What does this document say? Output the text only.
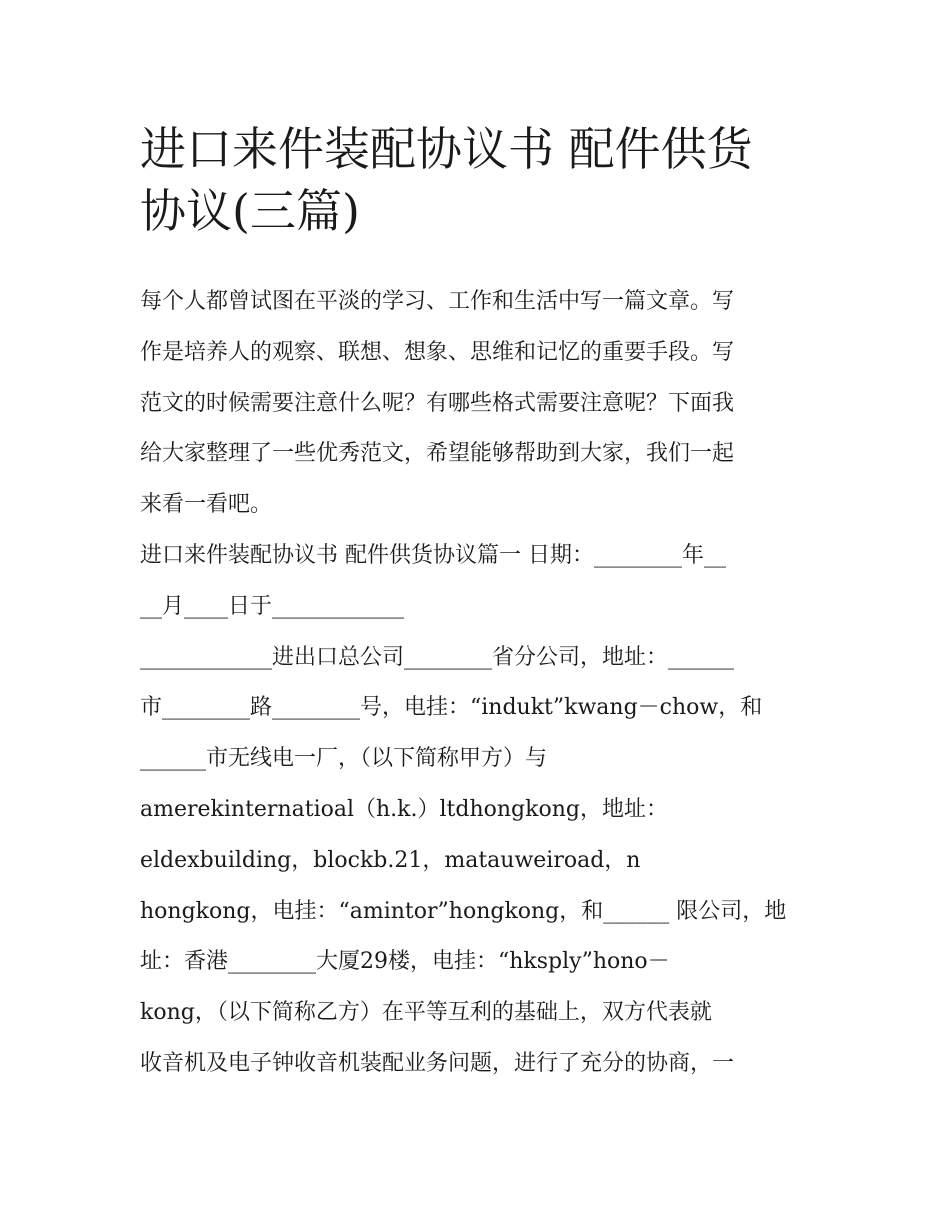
进口来件装配协议书 配件供货
协议(三篇)
每个人都曾试图在平淡的学习、工作和生活中写一篇文章。写
作是培养人的观察、联想、想象、思维和记忆的重要手段。写
范文的时候需要注意什么呢？有哪些格式需要注意呢？下面我
给大家整理了一些优秀范文，希望能够帮助到大家，我们一起
来看一看吧。
进口来件装配协议书 配件供货协议篇一 日期：________年__
__月____日于____________
____________进出口总公司________省分公司，地址：______
市________路________号，电挂：“indukt”kwang－chow，和
______市无线电一厂，（以下简称甲方）与
amerekinternatioal（h.k.）ltdhongkong，地址：
eldexbuilding，blockb.21，matauweiroad，n
hongkong，电挂：“amintor”hongkong，和______ 限公司，地
址：香港________大厦29楼，电挂：“hksply”hono－
kong，（以下简称乙方）在平等互利的基础上，双方代表就
收音机及电子钟收音机装配业务问题，进行了充分的协商，一
